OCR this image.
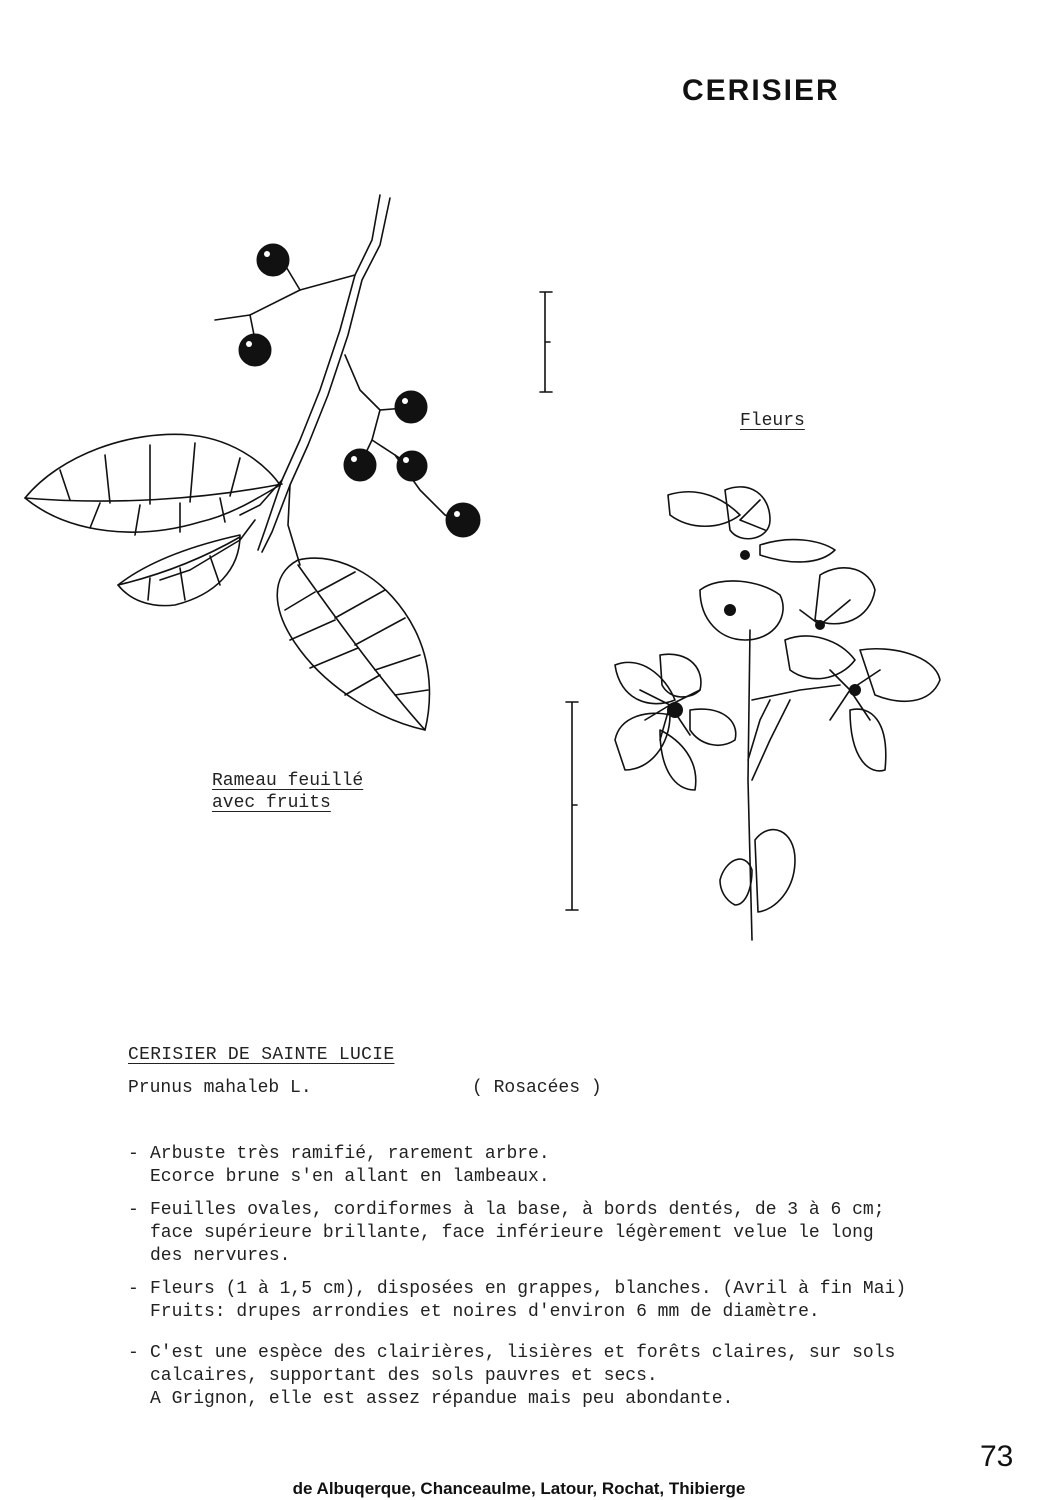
CERISIER
Rameau feuillé
avec fruits
Fleurs
CERISIER DE SAINTE LUCIE
Prunus mahaleb L.	( Rosacées )
- Arbuste très ramifié, rarement arbre.
Ecorce brune s'en allant en lambeaux.
- Feuilles ovales, cordiformes à la base, à bords dentés, de 3 à 6 cm;
face supérieure brillante, face inférieure légèrement velue le long
des nervures.
- Fleurs (1 à 1,5 cm), disposées en grappes, blanches. (Avril à fin Mai)
Fruits: drupes arrondies et noires d'environ 6 mm de diamètre.
- C'est une espèce des clairières, lisières et forêts claires, sur sols
calcaires, supportant des sols pauvres et secs.
A Grignon, elle est assez répandue mais peu abondante.
73
de Albuqerque, Chanceaulme, Latour, Rochat, Thibierge
